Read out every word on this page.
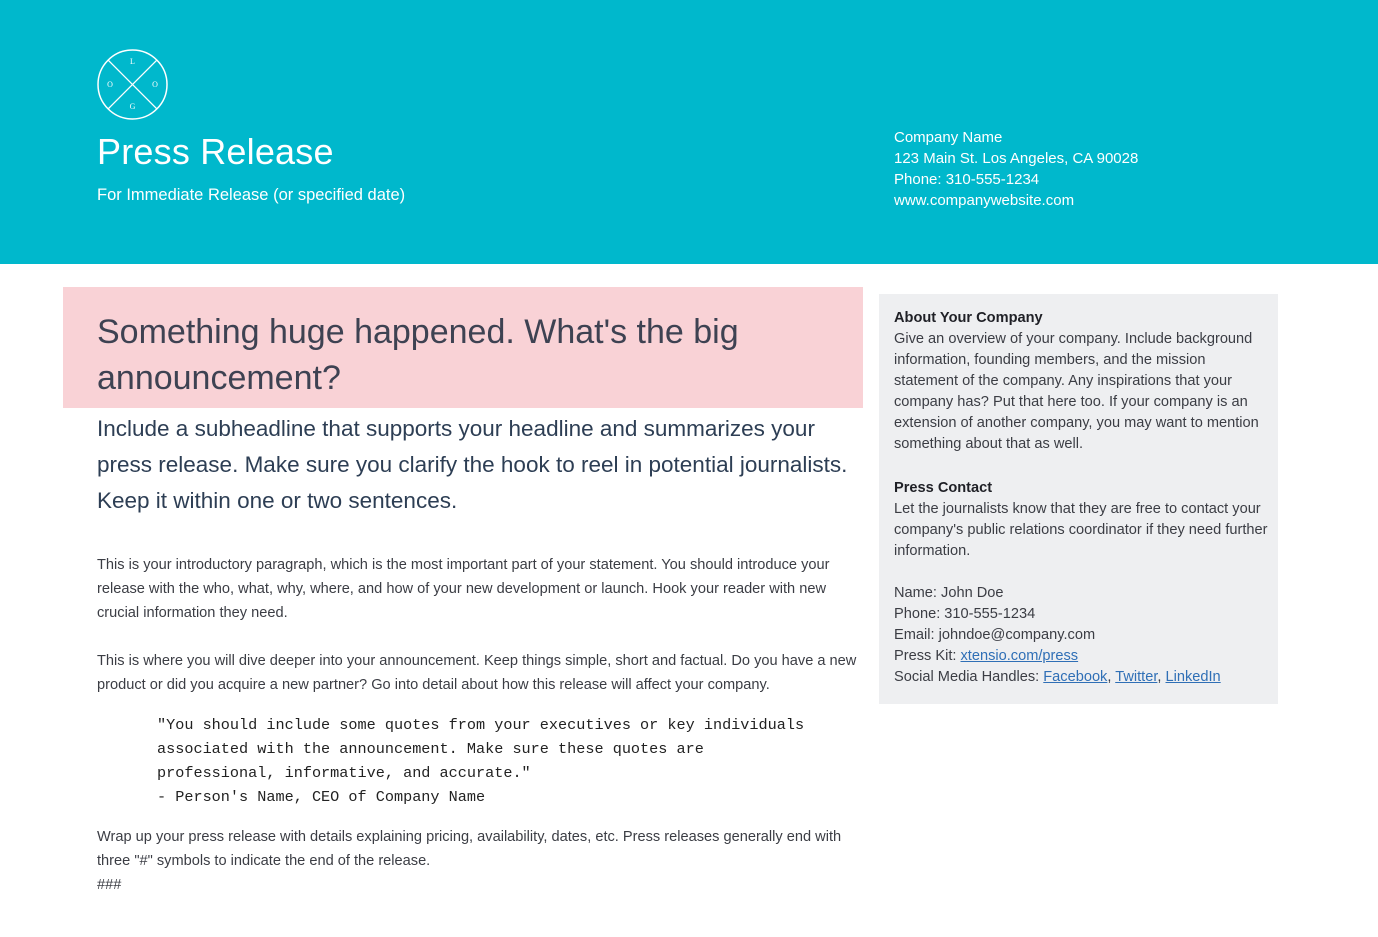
L
O
G
O
Press Release
For Immediate Release (or specified date)
Company Name
123 Main St. Los Angeles, CA 90028
Phone: 310-555-1234
www.companywebsite.com
Something huge happened. What's the big announcement?
Include a subheadline that supports your headline and summarizes your press release. Make sure you clarify the hook to reel in potential journalists. Keep it within one or two sentences.
This is your introductory paragraph, which is the most important part of your statement. You should introduce your release with the who, what, why, where, and how of your new development or launch. Hook your reader with new crucial information they need.
This is where you will dive deeper into your announcement. Keep things simple, short and factual. Do you have a new product or did you acquire a new partner? Go into detail about how this release will affect your company.
"You should include some quotes from your executives or key individuals
associated with the announcement. Make sure these quotes are
professional, informative, and accurate."
- Person's Name, CEO of Company Name
Wrap up your press release with details explaining pricing, availability, dates, etc. Press releases generally end with three "#" symbols to indicate the end of the release.
###
About Your Company
Give an overview of your company. Include background information, founding members, and the mission statement of the company. Any inspirations that your company has? Put that here too. If your company is an extension of another company, you may want to mention something about that as well.
Press Contact
Let the journalists know that they are free to contact your company's public relations coordinator if they need further information.
Name: John Doe
Phone: 310-555-1234
Email: johndoe@company.com
Press Kit: xtensio.com/press
Social Media Handles: Facebook, Twitter, LinkedIn
